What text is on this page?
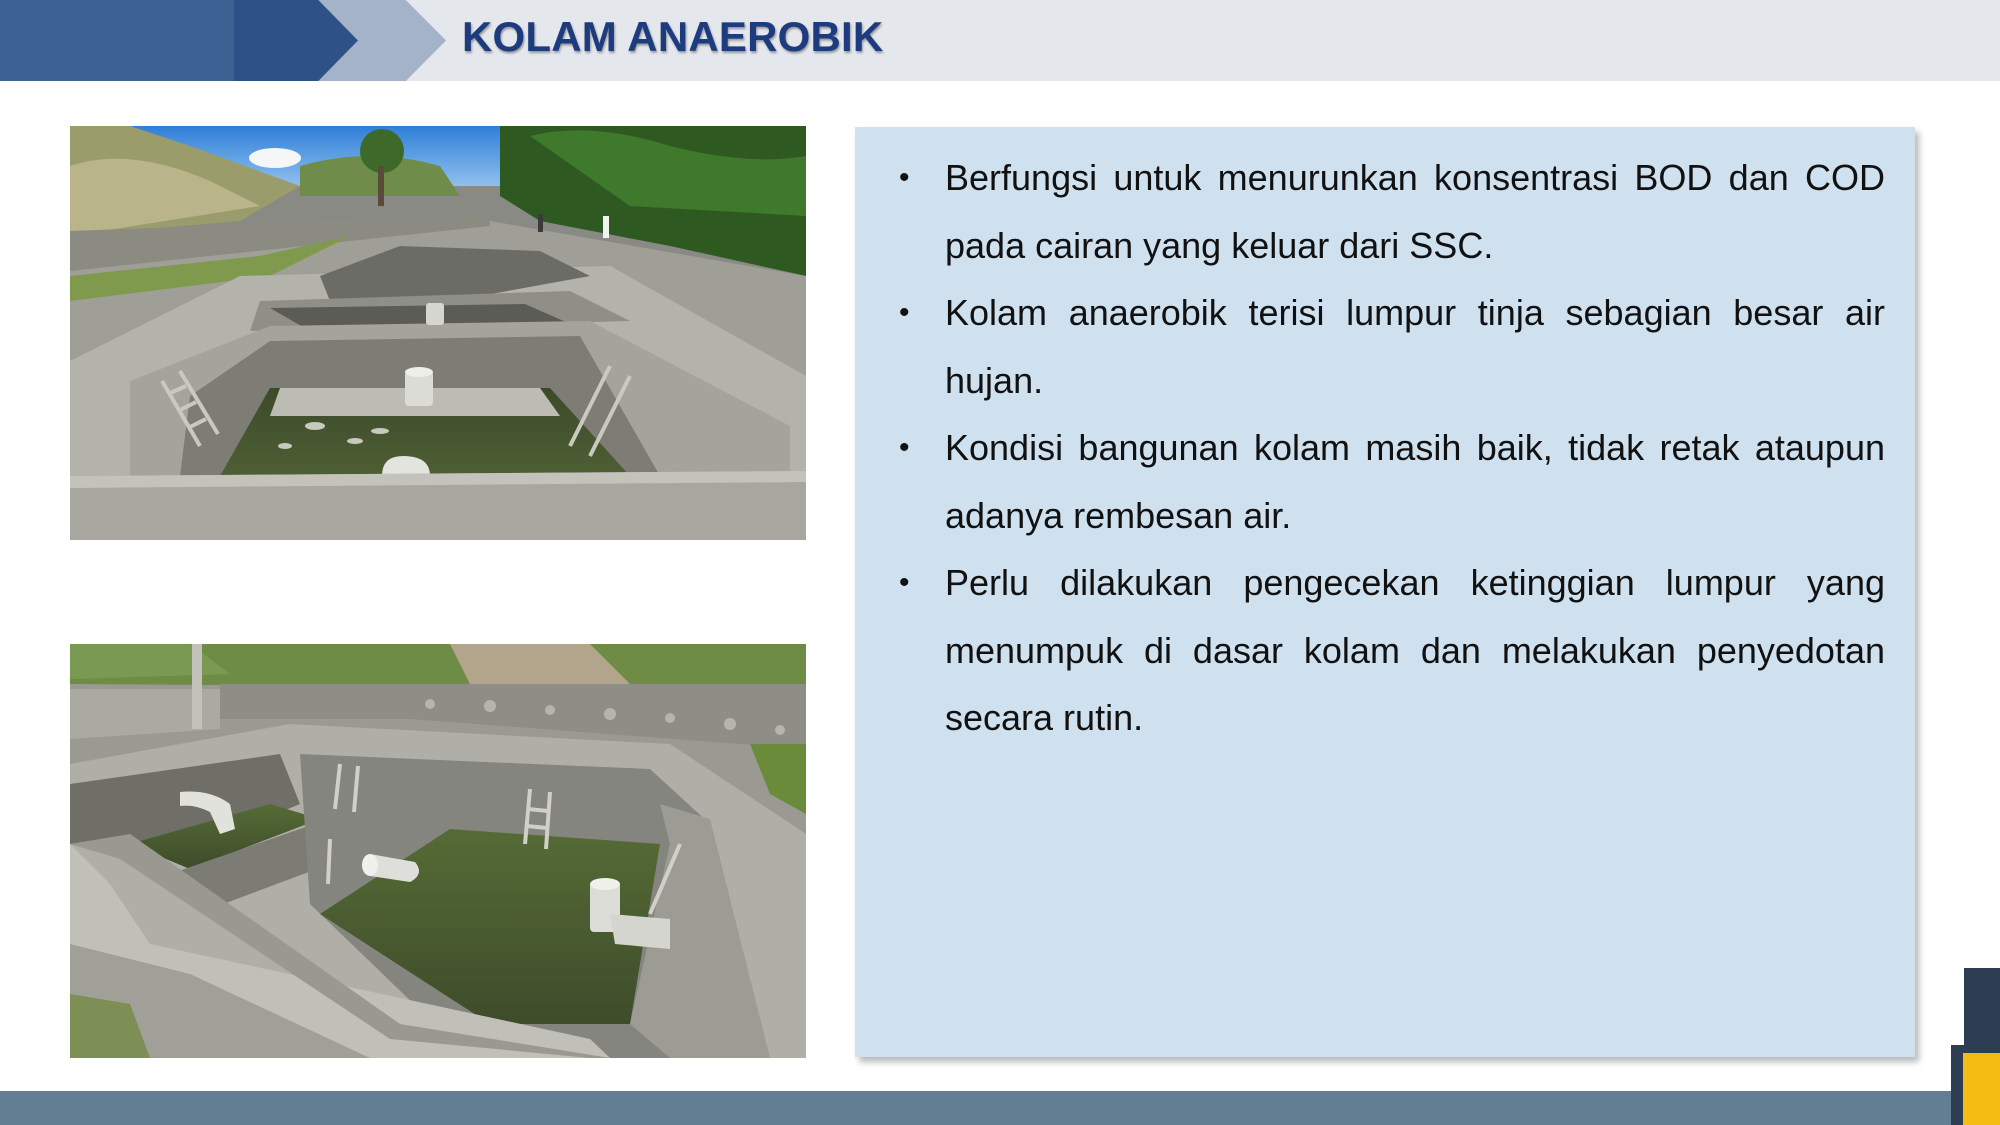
KOLAM ANAEROBIK
• Berfungsi untuk menurunkan konsentrasi BOD dan COD pada cairan yang keluar dari SSC.
• Kolam anaerobik terisi lumpur tinja sebagian besar air hujan.
• Kondisi bangunan kolam masih baik, tidak retak ataupun adanya rembesan air.
• Perlu dilakukan pengecekan ketinggian lumpur yang menumpuk di dasar kolam dan melakukan penyedotan secara rutin.
